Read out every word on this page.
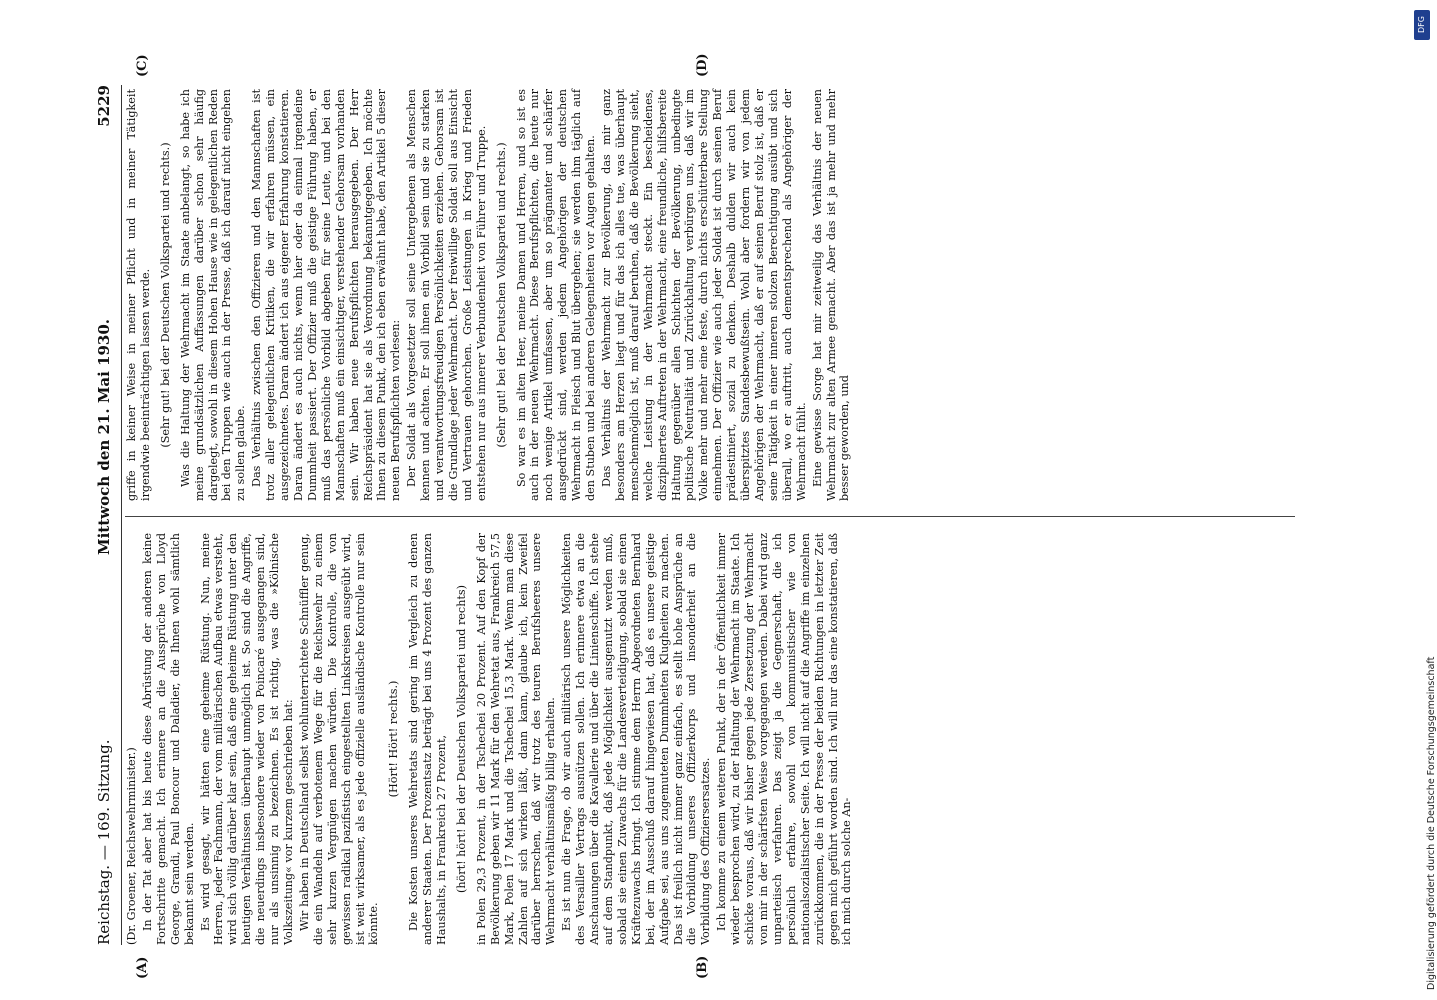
Reichstag. — 169. Sitzung.
Mittwoch den 21. Mai 1930.
5229
(A)	(B)
(C)	(D)

(Dr. Groener, Reichswehrminister.) In der Tat aber hat bis heute diese Abrüstung der anderen keine Fortschritte gemacht. Ich erinnere an die Aussprüche von Lloyd George, Grandi, Paul Boncour und Daladier, die Ihnen wohl sämtlich bekannt sein werden. Es wird gesagt, wir hätten eine geheime Rüstung. Nun, meine Herren, jeder Fachmann, der vom militärischen Aufbau etwas versteht, wird sich völlig darüber klar sein, daß eine geheime Rüstung unter den heutigen Verhältnissen überhaupt unmöglich ist. So sind die Angriffe, die neuerdings insbesondere wieder von Poincaré ausgegangen sind, nur als unsinnig zu bezeichnen. Es ist richtig, was die »Kölnische Volkszeitung« vor kurzem geschrieben hat: Wir haben in Deutschland selbst wohlunterrichtete Schnüffler genug, die ein Wandeln auf verbotenem Wege für die Reichswehr zu einem sehr kurzen Vergnügen machen würden. Die Kontrolle, die von gewissen radikal pazifistisch eingestellten Linkskreisen ausgeübt wird, ist weit wirksamer, als es jede offizielle ausländische Kontrolle nur sein könnte.

(Hört! Hört! rechts.) Die Kosten unseres Wehretats sind gering im Vergleich zu denen anderer Staaten. Der Prozentsatz beträgt bei uns 4 Prozent des ganzen Haushalts, in Frankreich 27 Prozent, (hört! hört! bei der Deutschen Volkspartei und rechts) in Polen 29,3 Prozent, in der Tschechei 20 Prozent. Auf den Kopf der Bevölkerung geben wir 11 Mark für den Wehretat aus, Frankreich 57,5 Mark, Polen 17 Mark und die Tschechei 15,3 Mark. Wenn man diese Zahlen auf sich wirken läßt, dann kann, glaube ich, kein Zweifel darüber herrschen, daß wir trotz des teuren Berufsheeres unsere Wehrmacht verhältnismäßig billig erhalten. Es ist nun die Frage, ob wir auch militärisch unsere Möglichkeiten des Versailler Vertrags ausnützen sollen. Ich erinnere etwa an die Anschauungen über die Kavallerie und über die Linienschiffe. Ich stehe auf dem Standpunkt, daß jede Möglichkeit ausgenutzt werden muß, sobald sie einen Zuwachs für die Landesverteidigung, sobald sie einen Kräftezuwachs bringt. Ich stimme dem Herrn Abgeordneten Bernhard bei, der im Ausschuß darauf hingewiesen hat, daß es unsere geistige Aufgabe sei, aus uns zugemuteten Dummheiten Klugheiten zu machen. Das ist freilich nicht immer ganz einfach, es stellt hohe Ansprüche an die Vorbildung unseres Offizierkorps und insonderheit an die Vorbildung des Offiziersersatzes. Ich komme zu einem weiteren Punkt, der in der Öffentlichkeit immer wieder besprochen wird, zu der Haltung der Wehrmacht im Staate. Ich schicke voraus, daß wir bisher gegen jede Zersetzung der Wehrmacht von mir in der schärfsten Weise vorgegangen werden. Dabei wird ganz unparteiisch verfahren. Das zeigt ja die Gegnerschaft, die ich persönlich erfahre, sowohl von kommunistischer wie von nationalsozialistischer Seite. Ich will nicht auf die Angriffe im einzelnen zurückkommen, die in der Presse der beiden Richtungen in letzter Zeit gegen mich geführt worden sind. Ich will nur das eine konstatieren, daß ich mich durch solche An-

griffe in keiner Weise in meiner Pflicht und in meiner Tätigkeit irgendwie beeinträchtigen lassen werde. (Sehr gut! bei der Deutschen Volkspartei und rechts.) Was die Haltung der Wehrmacht im Staate anbelangt, so habe ich meine grundsätzlichen Auffassungen darüber schon sehr häufig dargelegt, sowohl in diesem Hohen Hause wie in gelegentlichen Reden bei den Truppen wie auch in der Presse, daß ich darauf nicht eingehen zu sollen glaube. Das Verhältnis zwischen den Offizieren und den Mannschaften ist trotz aller gelegentlichen Kritiken, die wir erfahren müssen, ein ausgezeichnetes. Daran ändert ich aus eigener Erfahrung konstatieren. Daran ändert es auch nichts, wenn hier oder da einmal irgendeine Dummheit passiert. Der Offizier muß die geistige Führung haben, er muß das persönliche Vorbild abgeben für seine Leute, und bei den Mannschaften muß ein einsichtiger, verstehender Gehorsam vorhanden sein. Wir haben neue Berufspflichten herausgegeben. Der Herr Reichspräsident hat sie als Verordnung bekanntgegeben. Ich möchte Ihnen zu diesem Punkt, den ich eben erwähnt habe, den Artikel 5 dieser neuen Berufspflichten vorlesen: Der Soldat als Vorgesetzter soll seine Untergebenen als Menschen kennen und achten. Er soll ihnen ein Vorbild sein und sie zu starken und verantwortungsfreudigen Persönlichkeiten erziehen. Gehorsam ist die Grundlage jeder Wehrmacht. Der freiwillige Soldat soll aus Einsicht und Vertrauen gehorchen. Große Leistungen in Krieg und Frieden entstehen nur aus innerer Verbundenheit von Führer und Truppe. (Sehr gut! bei der Deutschen Volkspartei und rechts.) So war es im alten Heer, meine Damen und Herren, und so ist es auch in der neuen Wehrmacht. Diese Berufspflichten, die heute nur noch wenige Artikel umfassen, aber um so prägnanter und schärfer ausgedrückt sind, werden jedem Angehörigen der deutschen Wehrmacht in Fleisch und Blut übergehen; sie werden ihm täglich auf den Stuben und bei anderen Gelegenheiten vor Augen gehalten. Das Verhältnis der Wehrmacht zur Bevölkerung, das mir ganz besonders am Herzen liegt und für das ich alles tue, was überhaupt menschenmöglich ist, muß darauf beruhen, daß die Bevölkerung sieht, welche Leistung in der Wehrmacht steckt. Ein bescheidenes, disziplinertes Auftreten in der Wehrmacht, eine freundliche, hilfsbereite Haltung gegenüber allen Schichten der Bevölkerung, unbedingte politische Neutralität und Zurückhaltung verbürgen uns, daß wir im Volke mehr und mehr eine feste, durch nichts erschütterbare Stellung einnehmen. Der Offizier wie auch jeder Soldat ist durch seinen Beruf prädestiniert, sozial zu denken. Deshalb dulden wir auch kein überspitztes Standesbewußtsein. Wohl aber fordern wir von jedem Angehörigen der Wehrmacht, daß er auf seinen Beruf stolz ist, daß er seine Tätigkeit in einer inneren stolzen Berechtigung ausübt und sich überall, wo er auftritt, auch dementsprechend als Angehöriger der Wehrmacht fühlt. Eine gewisse Sorge hat mir zeitweilig das Verhältnis der neuen Wehrmacht zur alten Armee gemacht. Aber das ist ja mehr und mehr besser geworden, und

DFG
Digitalisierung gefördert durch die Deutsche Forschungsgemeinschaft
